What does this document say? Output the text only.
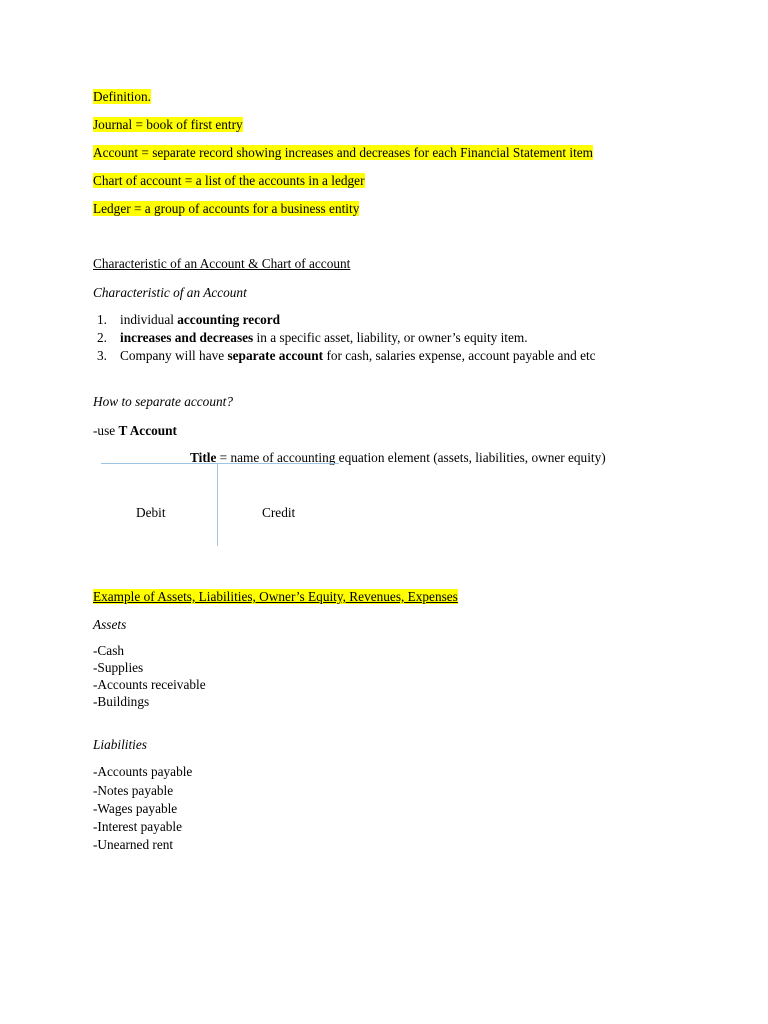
Definition.
Journal = book of first entry
Account = separate record showing increases and decreases for each Financial Statement item
Chart of account = a list of the accounts in a ledger
Ledger = a group of accounts for a business entity
Characteristic of an Account & Chart of account
Characteristic of an Account
1. individual accounting record
2. increases and decreases in a specific asset, liability, or owner’s equity item.
3. Company will have separate account for cash, salaries expense, account payable and etc
How to separate account?
-use T Account
Title = name of accounting equation element (assets, liabilities, owner equity)
Debit	Credit
Example of Assets, Liabilities, Owner’s Equity, Revenues, Expenses
Assets
-Cash
-Supplies
-Accounts receivable
-Buildings
Liabilities
-Accounts payable
-Notes payable
-Wages payable
-Interest payable
-Unearned rent
